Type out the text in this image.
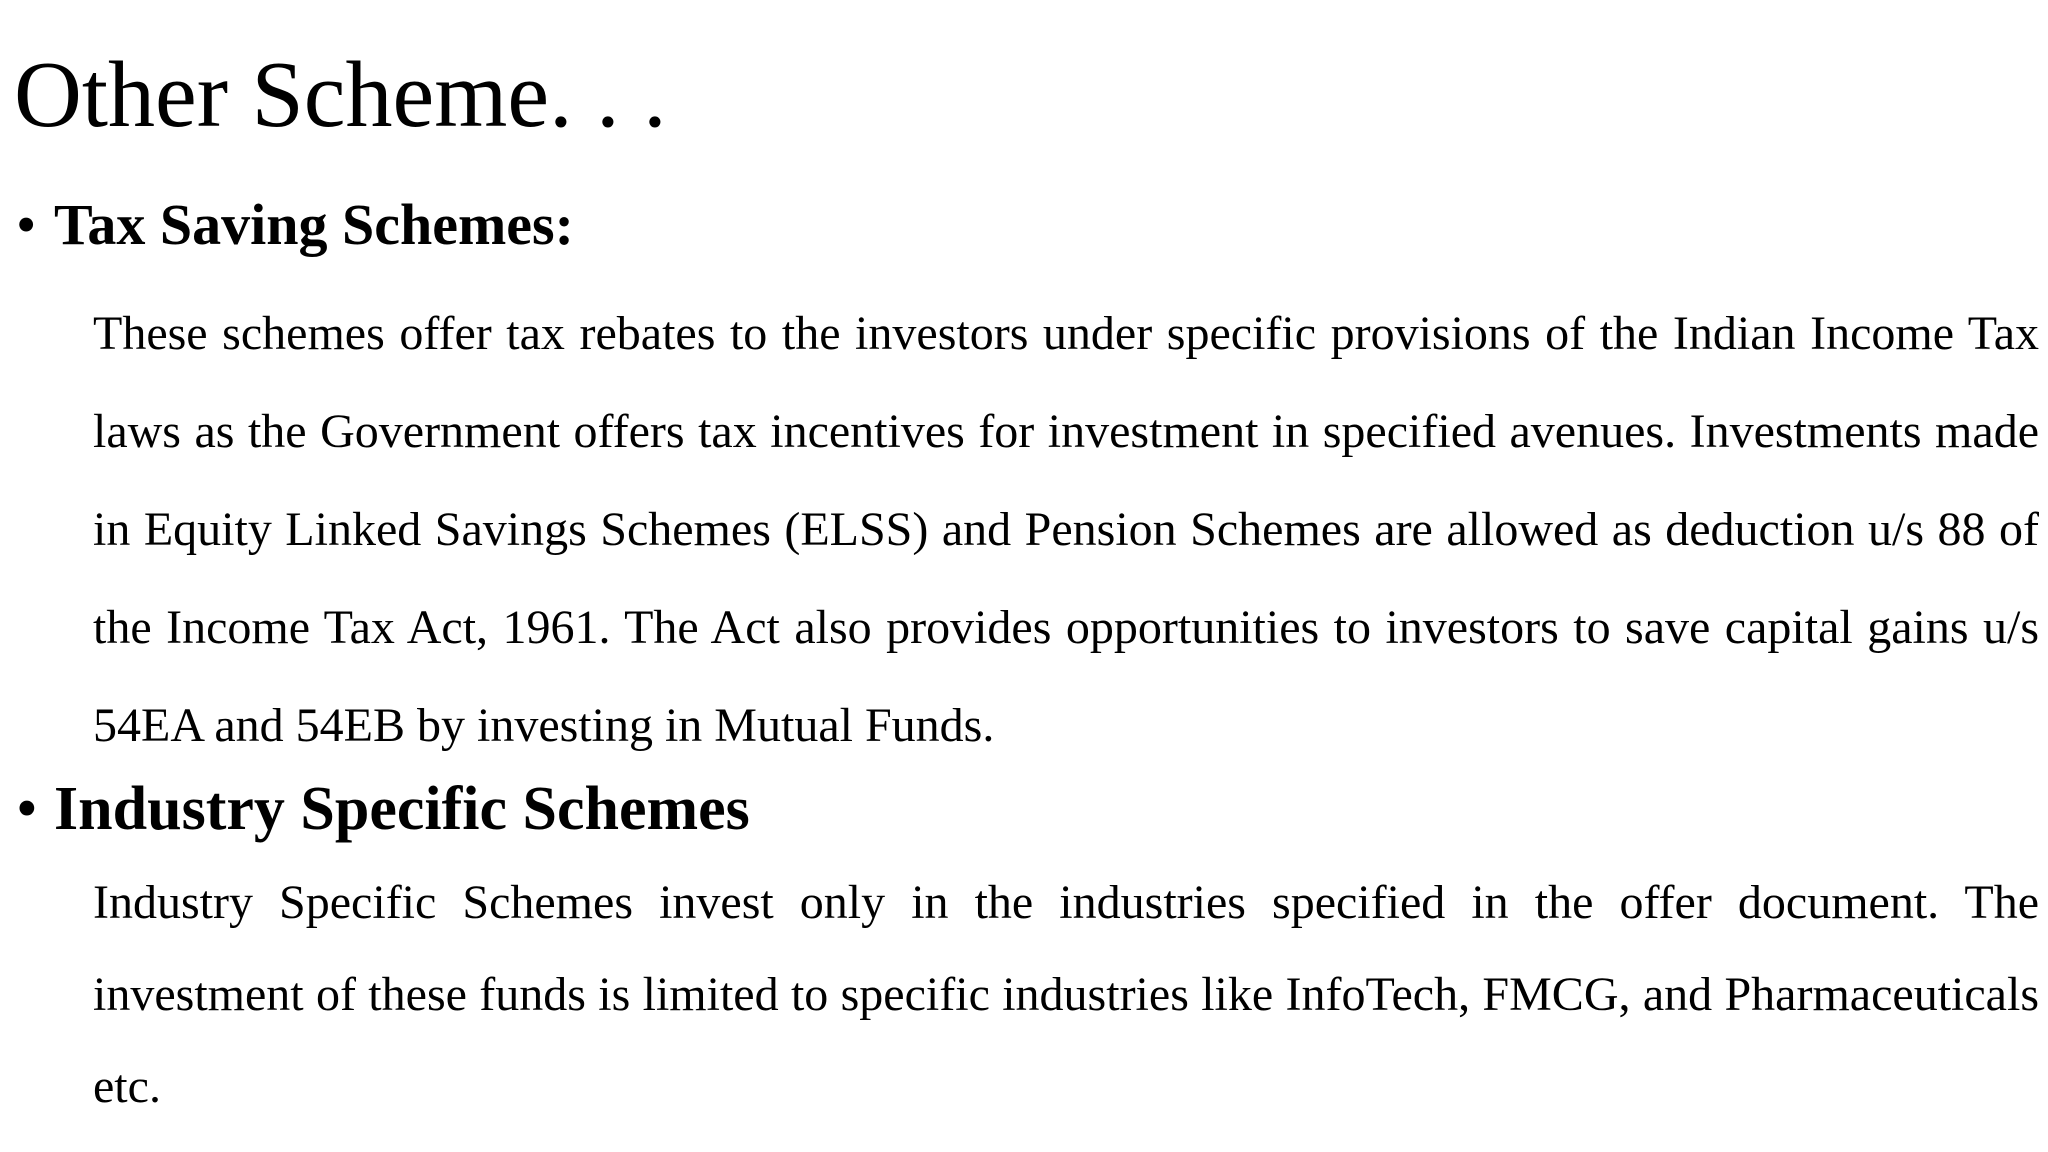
Other Scheme. . .
• Tax Saving Schemes:

These schemes offer tax rebates to the investors under specific provisions of the Indian Income Tax laws as the Government offers tax incentives for investment in specified avenues. Investments made in Equity Linked Savings Schemes (ELSS) and Pension Schemes are allowed as deduction u/s 88 of the Income Tax Act, 1961. The Act also provides opportunities to investors to save capital gains u/s 54EA and 54EB by investing in Mutual Funds.

• Industry Specific Schemes

Industry Specific Schemes invest only in the industries specified in the offer document. The investment of these funds is limited to specific industries like InfoTech, FMCG, and Pharmaceuticals etc.
